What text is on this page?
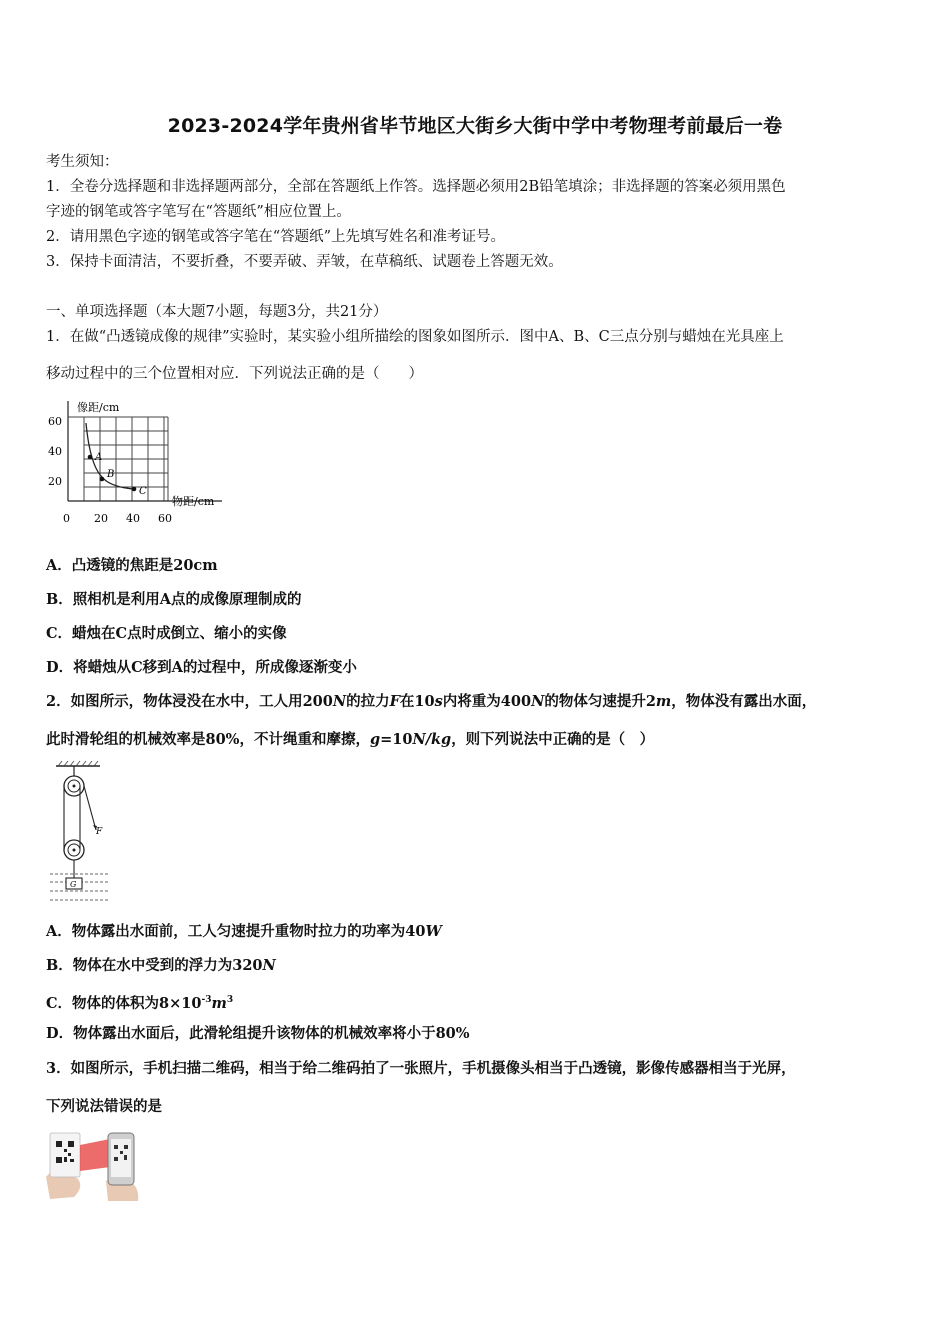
2023-2024学年贵州省毕节地区大街乡大街中学中考物理考前最后一卷
考生须知：
1．全卷分选择题和非选择题两部分，全部在答题纸上作答。选择题必须用2B铅笔填涂；非选择题的答案必须用黑色
字迹的钢笔或答字笔写在“答题纸”相应位置上。
2．请用黑色字迹的钢笔或答字笔在“答题纸”上先填写姓名和准考证号。
3．保持卡面清洁，不要折叠，不要弄破、弄皱，在草稿纸、试题卷上答题无效。
一、单项选择题（本大题7小题，每题3分，共21分）
1．在做“凸透镜成像的规律”实验时，某实验小组所描绘的图象如图所示．图中A、B、C三点分别与蜡烛在光具座上
移动过程中的三个位置相对应．下列说法正确的是（　　）
A
B
C
像距/cm
物距/cm
60
40
20
0 20 40 60
A．凸透镜的焦距是20cm
B．照相机是利用A点的成像原理制成的
C．蜡烛在C点时成倒立、缩小的实像
D．将蜡烛从C移到A的过程中，所成像逐渐变小
2．如图所示，物体浸没在水中，工人用200N的拉力F在10s内将重为400N的物体匀速提升2m，物体没有露出水面，
此时滑轮组的机械效率是80%，不计绳重和摩擦，g=10N/kg，则下列说法中正确的是（　）
F
G
A．物体露出水面前，工人匀速提升重物时拉力的功率为40W
B．物体在水中受到的浮力为320N
C．物体的体积为$8\times 10^{-3}m^3$
D．物体露出水面后，此滑轮组提升该物体的机械效率将小于80%
3．如图所示，手机扫描二维码，相当于给二维码拍了一张照片，手机摄像头相当于凸透镜，影像传感器相当于光屏，
下列说法错误的是
